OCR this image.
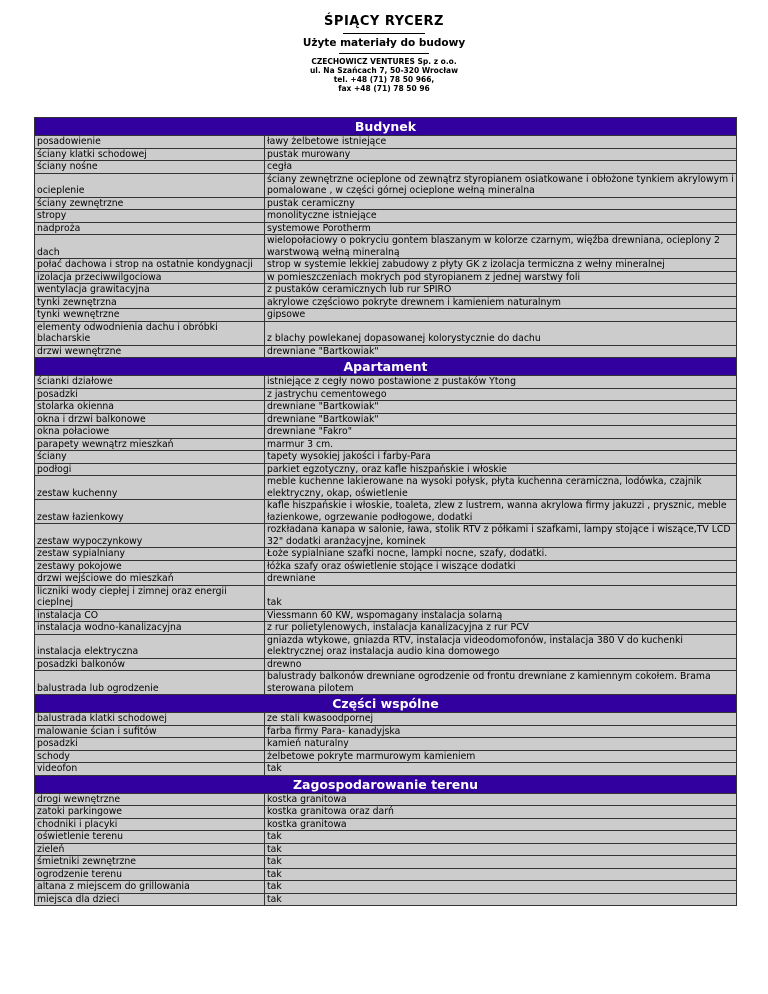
ŚPIĄCY RYCERZ
Użyte materiały do budowy
CZECHOWICZ VENTURES Sp. z o.o.
ul. Na Szańcach 7, 50-320 Wrocław
tel. +48 (71) 78 50 966,
fax +48 (71) 78 50 96
Budynek	
posadowienie	ławy żelbetowe istniejące
ściany klatki schodowej	pustak murowany
ściany nośne	cegła
ocieplenie	ściany zewnętrzne ocieplone od zewnątrz styropianem osiatkowane i obłożone tynkiem akrylowym i pomalowane , w części górnej ocieplone wełną mineralna
ściany zewnętrzne	pustak ceramiczny
stropy	monolityczne istniejące
nadproża	systemowe Porotherm
dach	wielopołaciowy o pokryciu gontem blaszanym w kolorze czarnym, więźba drewniana, ocieplony 2 warstwową wełną mineralną
połać dachowa i strop na ostatnie kondygnacji	strop w systemie lekkiej zabudowy z płyty GK z izolacja termiczna z wełny mineralnej
izolacja przeciwwilgociowa	w pomieszczeniach mokrych pod styropianem z jednej warstwy foli
wentylacja grawitacyjna	z pustaków ceramicznych lub rur SPIRO
tynki zewnętrzna	akrylowe częściowo pokryte drewnem i kamieniem naturalnym
tynki wewnętrzne	gipsowe
elementy odwodnienia dachu i obróbki blacharskie	z blachy powlekanej dopasowanej kolorystycznie do dachu
drzwi wewnętrzne	drewniane "Bartkowiak"
Apartament	
ścianki działowe	istniejące z cegły nowo postawione z pustaków Ytong
posadzki	z jastrychu cementowego
stolarka okienna	drewniane "Bartkowiak"
okna i drzwi balkonowe	drewniane "Bartkowiak"
okna połaciowe	drewniane "Fakro"
parapety wewnątrz mieszkań	marmur 3 cm.
ściany	tapety wysokiej jakości i farby-Para
podłogi	parkiet egzotyczny, oraz kafle hiszpańskie i włoskie
zestaw kuchenny	meble kuchenne lakierowane na wysoki połysk, płyta kuchenna ceramiczna, lodówka, czajnik elektryczny, okap, oświetlenie
zestaw łazienkowy	kafle hiszpańskie i włoskie, toaleta, zlew z lustrem, wanna akrylowa firmy jakuzzi , prysznic, meble łazienkowe, ogrzewanie podłogowe, dodatki
zestaw wypoczynkowy	rozkładana kanapa w salonie, ława, stolik RTV z półkami i szafkami, lampy stojące i wiszące,TV LCD 32" dodatki aranżacyjne, kominek
zestaw sypialniany	Łoże sypialniane szafki nocne, lampki nocne, szafy, dodatki.
zestawy pokojowe	łóżka szafy oraz oświetlenie stojące i wiszące dodatki
drzwi wejściowe do mieszkań	drewniane
liczniki wody ciepłej i zimnej oraz energii cieplnej	tak
instalacja CO	Viessmann 60 KW, wspomagany instalacja solarną
instalacja wodno-kanalizacyjna	z rur polietylenowych, instalacja kanalizacyjna z rur PCV
instalacja elektryczna	gniazda wtykowe, gniazda RTV, instalacja videodomofonów, instalacja 380 V do kuchenki elektrycznej oraz instalacja audio kina domowego
posadzki balkonów	drewno
balustrada lub ogrodzenie	balustrady balkonów drewniane ogrodzenie od frontu drewniane z kamiennym cokołem. Brama sterowana pilotem
Części wspólne	
balustrada klatki schodowej	ze stali kwasoodpornej
malowanie ścian i sufitów	farba firmy Para- kanadyjska
posadzki	kamień naturalny
schody	żelbetowe pokryte marmurowym kamieniem
videofon	tak
Zagospodarowanie terenu	
drogi wewnętrzne	kostka granitowa
zatoki parkingowe	kostka granitowa oraz darń
chodniki i placyki	kostka granitowa
oświetlenie terenu	tak
zieleń	tak
śmietniki zewnętrzne	tak
ogrodzenie terenu	tak
altana z miejscem do grillowania	tak
miejsca dla dzieci	tak
